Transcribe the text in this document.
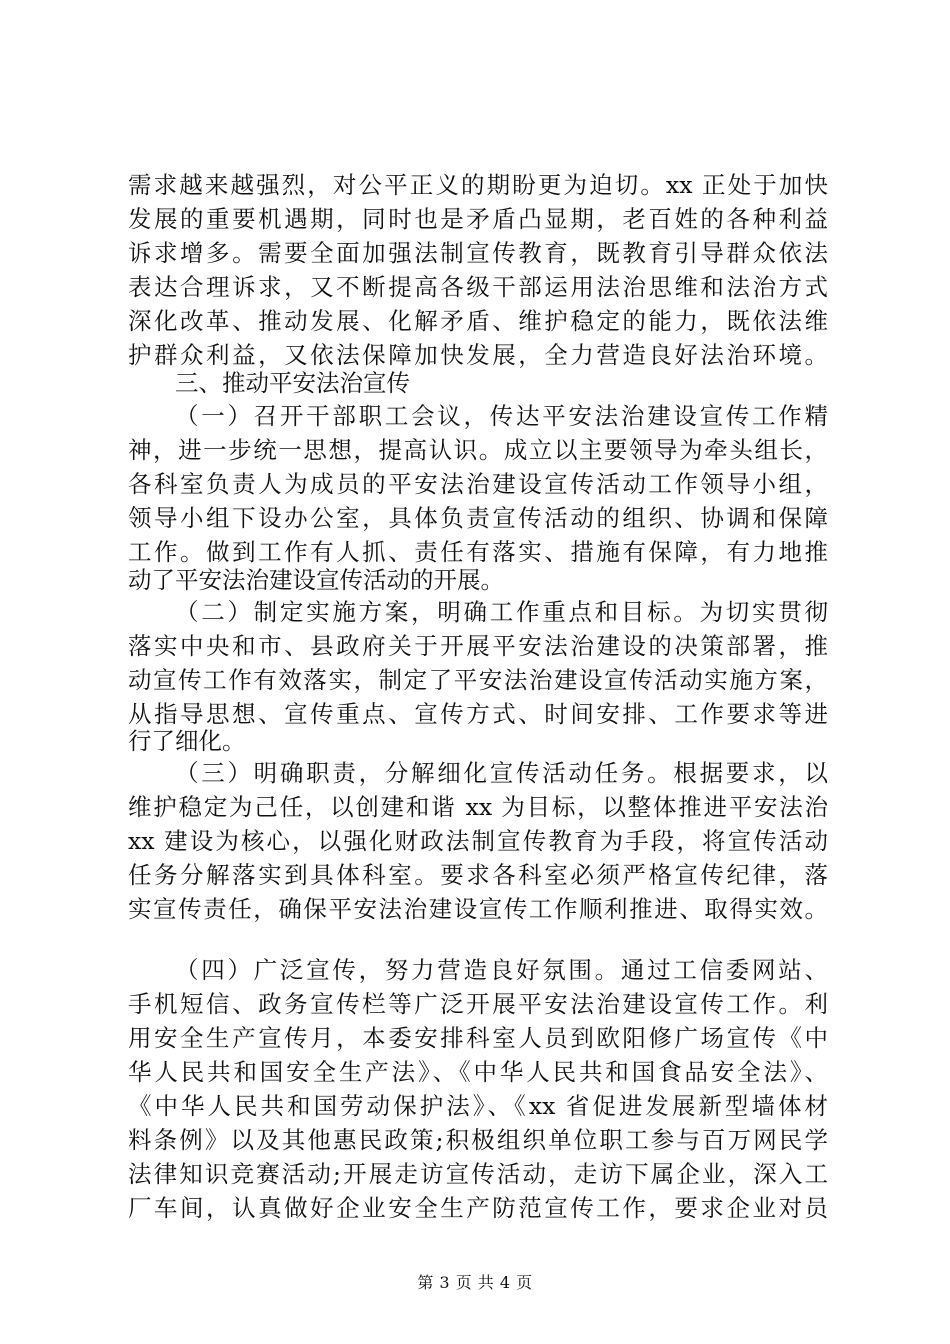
需求越来越强烈，对公平正义的期盼更为迫切。xx 正处于加快
发展的重要机遇期，同时也是矛盾凸显期，老百姓的各种利益
诉求增多。需要全面加强法制宣传教育，既教育引导群众依法
表达合理诉求，又不断提高各级干部运用法治思维和法治方式
深化改革、推动发展、化解矛盾、维护稳定的能力，既依法维
护群众利益，又依法保障加快发展，全力营造良好法治环境。
三、推动平安法治宣传
（一）召开干部职工会议，传达平安法治建设宣传工作精
神，进一步统一思想，提高认识。成立以主要领导为牵头组长，
各科室负责人为成员的平安法治建设宣传活动工作领导小组，
领导小组下设办公室，具体负责宣传活动的组织、协调和保障
工作。做到工作有人抓、责任有落实、措施有保障，有力地推
动了平安法治建设宣传活动的开展。
（二）制定实施方案，明确工作重点和目标。为切实贯彻
落实中央和市、县政府关于开展平安法治建设的决策部署，推
动宣传工作有效落实，制定了平安法治建设宣传活动实施方案，
从指导思想、宣传重点、宣传方式、时间安排、工作要求等进
行了细化。
（三）明确职责，分解细化宣传活动任务。根据要求，以
维护稳定为己任，以创建和谐 xx 为目标，以整体推进平安法治
xx 建设为核心，以强化财政法制宣传教育为手段，将宣传活动
任务分解落实到具体科室。要求各科室必须严格宣传纪律，落
实宣传责任，确保平安法治建设宣传工作顺利推进、取得实效。
（四）广泛宣传，努力营造良好氛围。通过工信委网站、
手机短信、政务宣传栏等广泛开展平安法治建设宣传工作。利
用安全生产宣传月，本委安排科室人员到欧阳修广场宣传《中
华人民共和国安全生产法》、《中华人民共和国食品安全法》、
《中华人民共和国劳动保护法》、《xx 省促进发展新型墙体材
料条例》以及其他惠民政策;积极组织单位职工参与百万网民学
法律知识竞赛活动;开展走访宣传活动，走访下属企业，深入工
厂车间，认真做好企业安全生产防范宣传工作，要求企业对员
第 3 页 共 4 页
